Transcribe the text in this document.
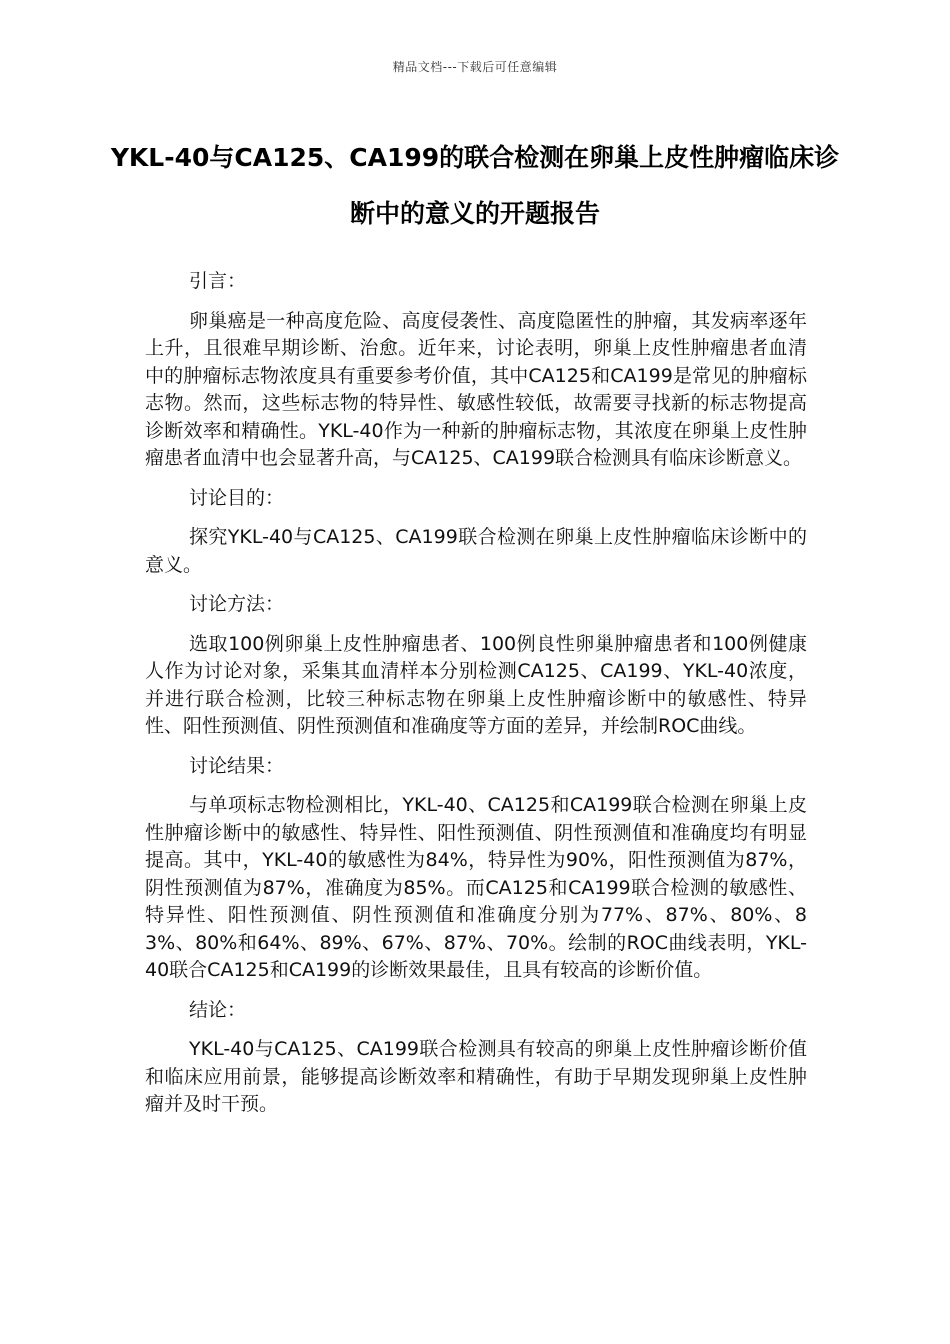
精品文档---下载后可任意编辑
YKL-40与CA125、CA199的联合检测在卵巢上皮性肿瘤临床诊断中的意义的开题报告
引言：

卵巢癌是一种高度危险、高度侵袭性、高度隐匿性的肿瘤，其发病率逐年上升，且很难早期诊断、治愈。近年来，讨论表明，卵巢上皮性肿瘤患者血清中的肿瘤标志物浓度具有重要参考价值，其中CA125和CA199是常见的肿瘤标志物。然而，这些标志物的特异性、敏感性较低，故需要寻找新的标志物提高诊断效率和精确性。YKL-40作为一种新的肿瘤标志物，其浓度在卵巢上皮性肿瘤患者血清中也会显著升高，与CA125、CA199联合检测具有临床诊断意义。

讨论目的：

探究YKL-40与CA125、CA199联合检测在卵巢上皮性肿瘤临床诊断中的意义。

讨论方法：

选取100例卵巢上皮性肿瘤患者、100例良性卵巢肿瘤患者和100例健康人作为讨论对象，采集其血清样本分别检测CA125、CA199、YKL-40浓度，并进行联合检测，比较三种标志物在卵巢上皮性肿瘤诊断中的敏感性、特异性、阳性预测值、阴性预测值和准确度等方面的差异，并绘制ROC曲线。

讨论结果：

与单项标志物检测相比，YKL-40、CA125和CA199联合检测在卵巢上皮性肿瘤诊断中的敏感性、特异性、阳性预测值、阴性预测值和准确度均有明显提高。其中，YKL-40的敏感性为84%，特异性为90%，阳性预测值为87%，阴性预测值为87%，准确度为85%。而CA125和CA199联合检测的敏感性、特异性、阳性预测值、阴性预测值和准确度分别为77%、87%、80%、83%、80%和64%、89%、67%、87%、70%。绘制的ROC曲线表明，YKL-40联合CA125和CA199的诊断效果最佳，且具有较高的诊断价值。

结论：

YKL-40与CA125、CA199联合检测具有较高的卵巢上皮性肿瘤诊断价值和临床应用前景，能够提高诊断效率和精确性，有助于早期发现卵巢上皮性肿瘤并及时干预。
